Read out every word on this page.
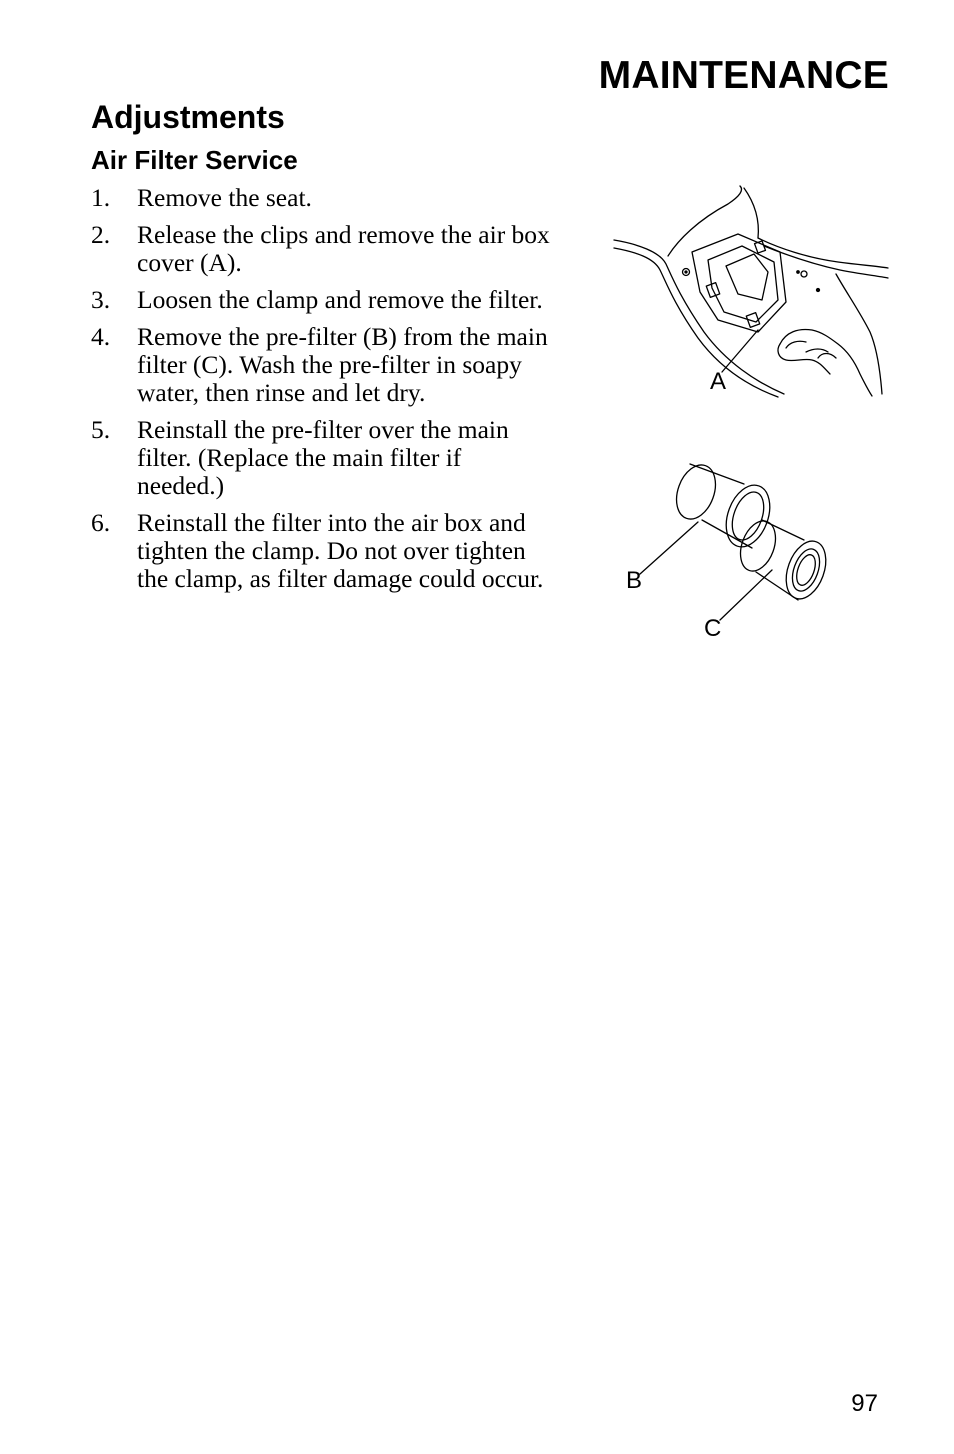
MAINTENANCE
Adjustments
Air Filter Service
1.	Remove the seat.
2.	Release the clips and remove the air box cover (A).
3.	Loosen the clamp and remove the filter.
4.	Remove the pre-filter (B) from the main filter (C). Wash the pre-filter in soapy water, then rinse and let dry.
5.	Reinstall the pre-filter over the main filter. (Replace the main filter if needed.)
6.	Reinstall the filter into the air box and tighten the clamp. Do not over tighten the clamp, as filter damage could occur.
A
B
C
97
